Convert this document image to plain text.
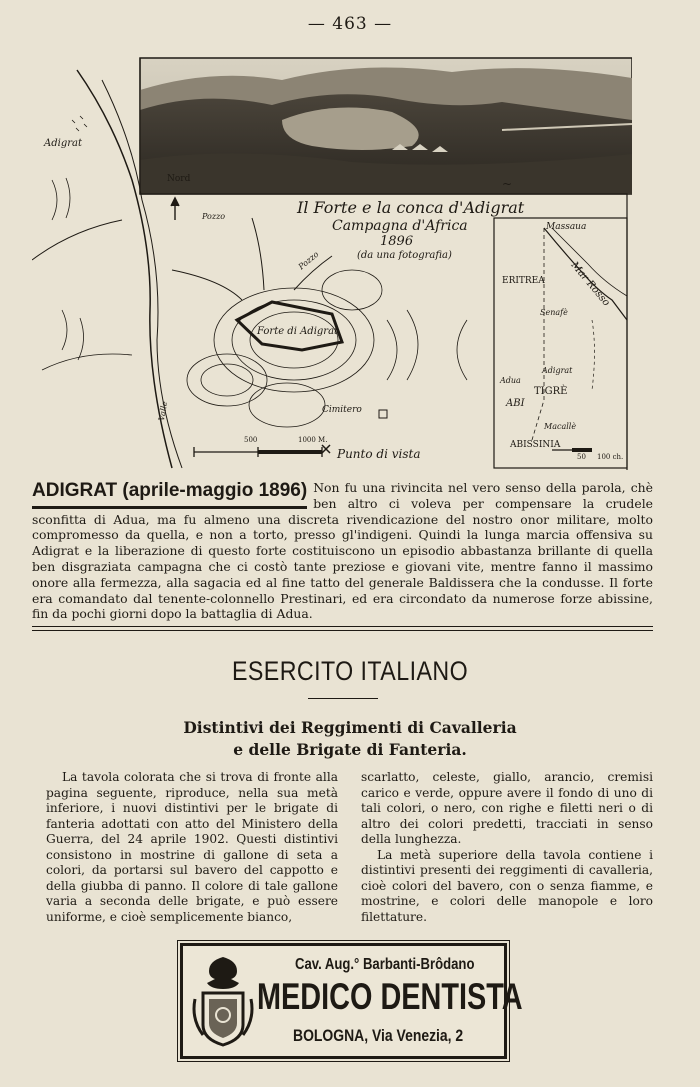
— 463 —
~
Il Forte e la conca d'Adigrat
Campagna d'Africa
1896
(da una fotografia)
Adigrat
Nord
Pozzo
Pozzo
Forte di Adigrat
Cimitero
Punto di vista
500	1000 M.
Valle
Massaua
Mar Rosso
ERITREA
Senafè
Adua
Adigrat
TIGRÈ
ABI
Macallè
ABISSINIA
50 100 ch.
ADIGRAT (aprile-maggio 1896) Non fu una rivincita nel vero senso della parola, chè ben altro ci voleva per compensare la crudele sconfitta di Adua, ma fu almeno una discreta rivendicazione del nostro onor militare, molto compromesso da quella, e non a torto, presso gl'indigeni. Quindi la lunga marcia offensiva su Adigrat e la liberazione di questo forte costituiscono un episodio abbastanza brillante di quella ben disgraziata campagna che ci costò tante preziose e giovani vite, mentre fanno il massimo onore alla fermezza, alla sagacia ed al fine tatto del generale Baldissera che la condusse. Il forte era comandato dal tenente-colonnello Prestinari, ed era circondato da numerose forze abissine, fin da pochi giorni dopo la battaglia di Adua.
ESERCITO ITALIANO
Distintivi dei Reggimenti di Cavalleria
e delle Brigate di Fanteria.

La tavola colorata che si trova di fronte alla pagina seguente, riproduce, nella sua metà inferiore, i nuovi distintivi per le brigate di fanteria adottati con atto del Ministero della Guerra, del 24 aprile 1902. Questi distintivi consistono in mostrine di gallone di seta a colori, da portarsi sul bavero del cappotto e della giubba di panno. Il colore di tale gallone varia a seconda delle brigate, e può essere uniforme, e cioè semplicemente bianco,

scarlatto, celeste, giallo, arancio, cremisi carico e verde, oppure avere il fondo di uno di tali colori, o nero, con righe e filetti neri o di altro dei colori predetti, tracciati in senso della lunghezza.

La metà superiore della tavola contiene i distintivi presenti dei reggimenti di cavalleria, cioè colori del bavero, con o senza fiamme, e mostrine, e colori delle manopole e loro filettature.

Cav. Aug.° Barbanti-Brôdano
MEDICO DENTISTA
BOLOGNA, Via Venezia, 2
